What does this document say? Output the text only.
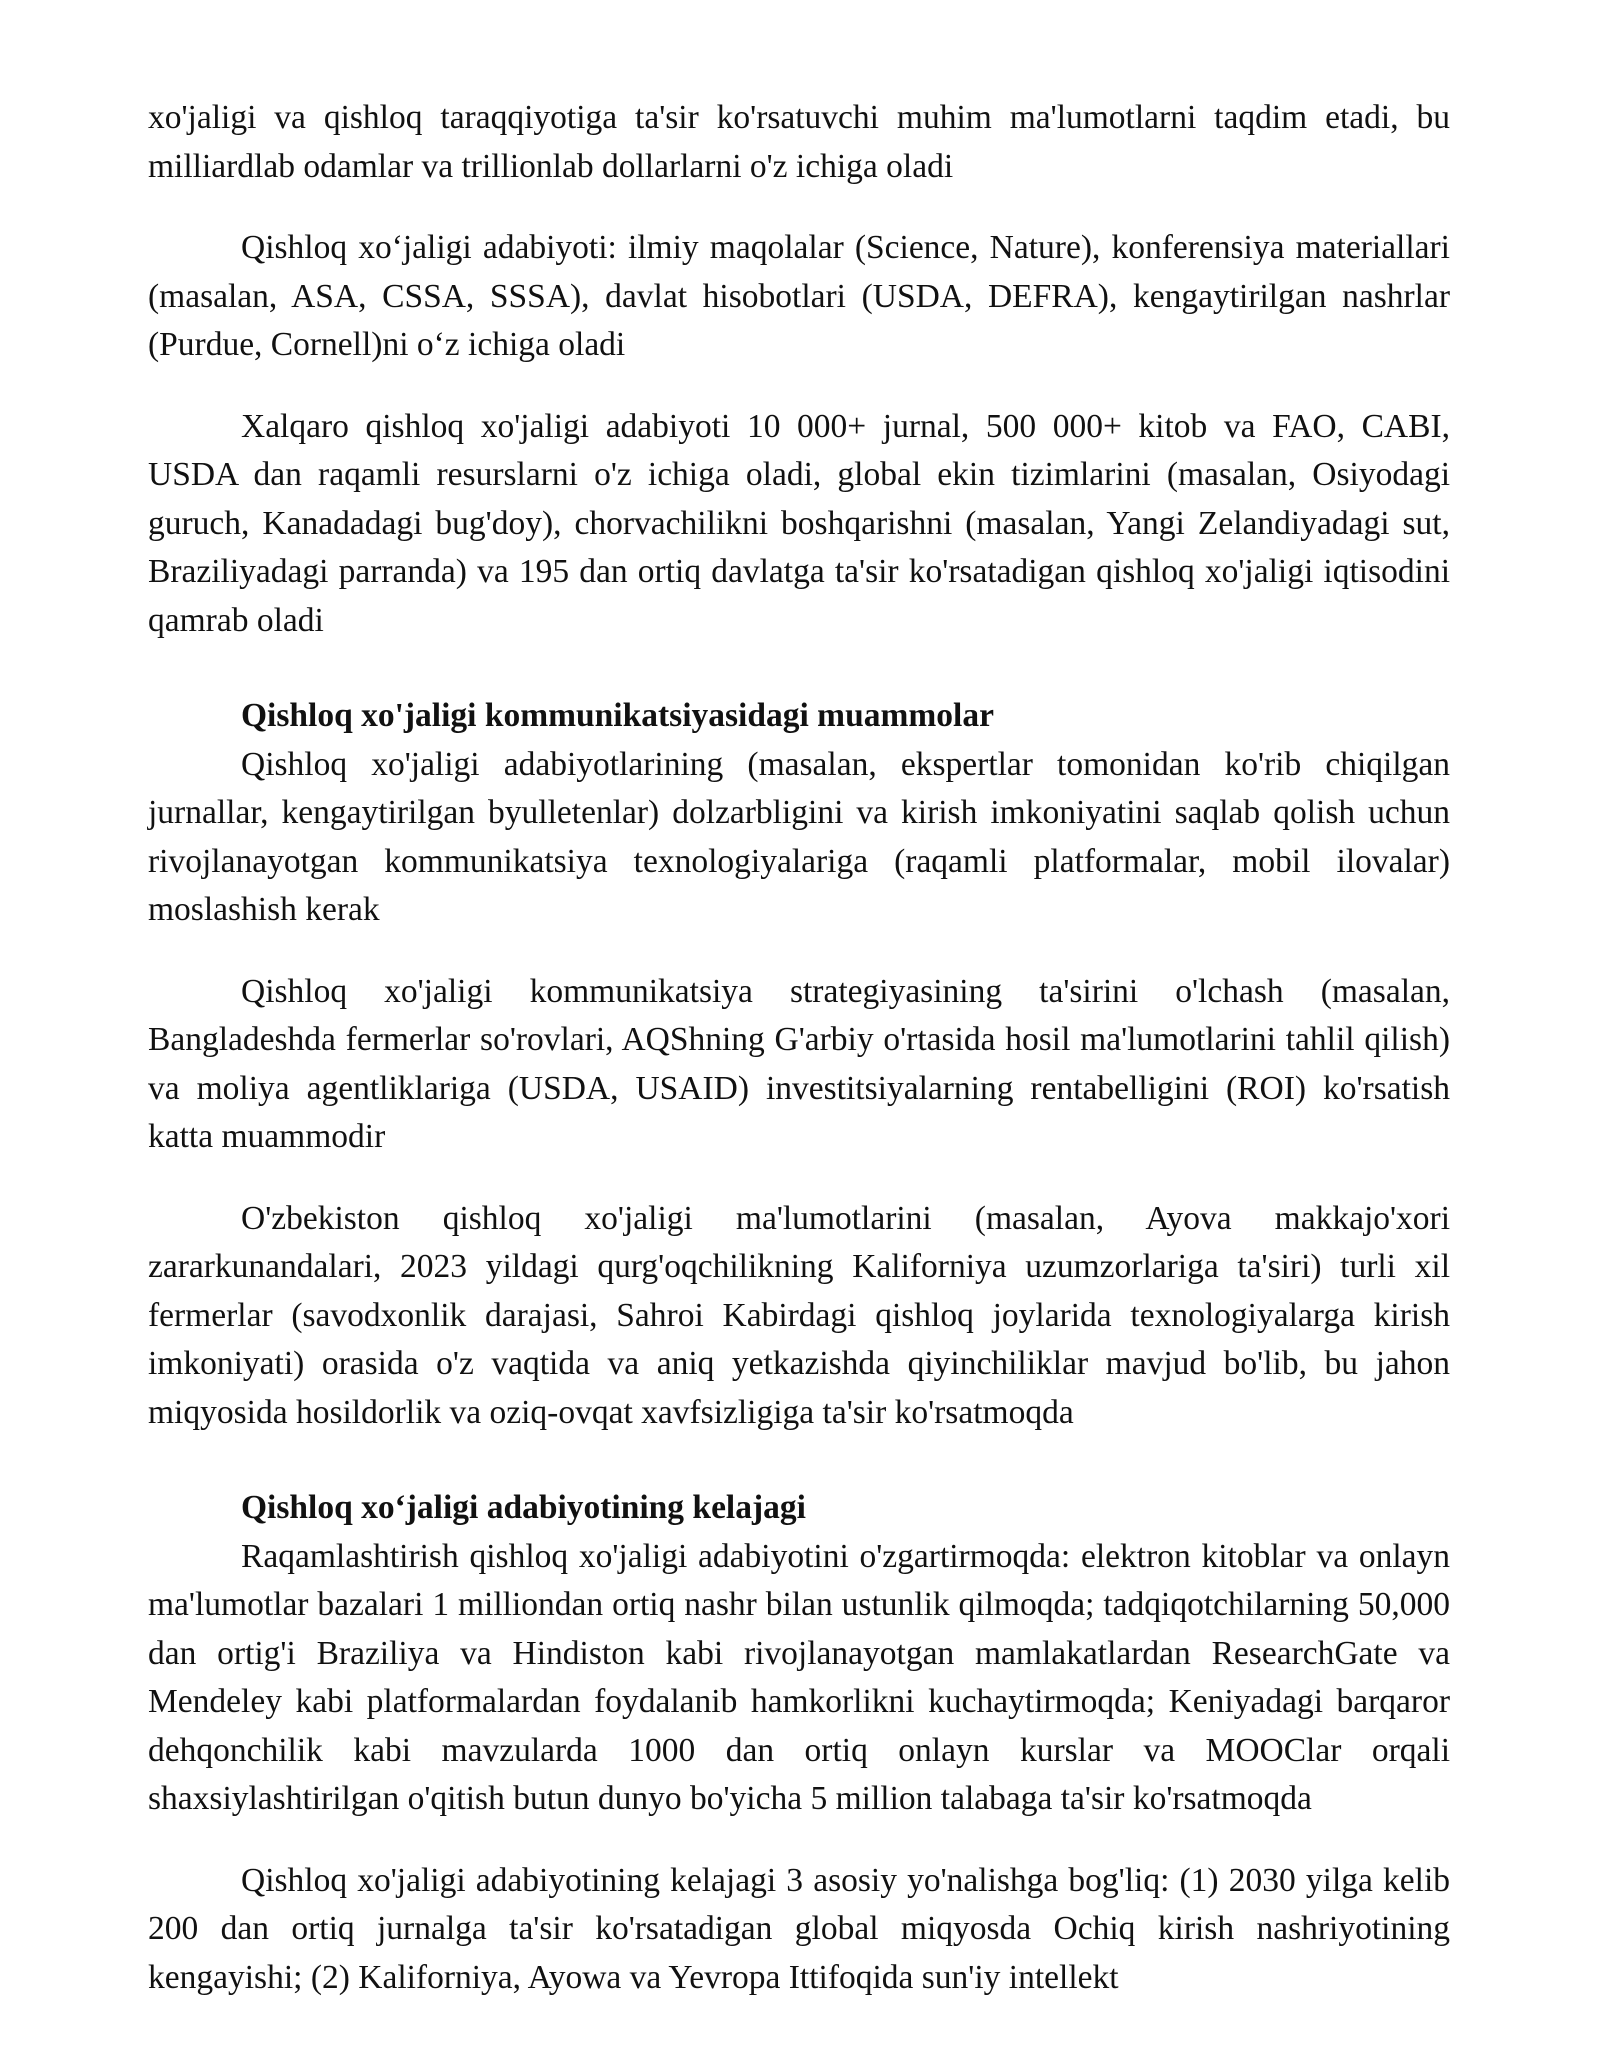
xo'jaligi va qishloq taraqqiyotiga ta'sir ko'rsatuvchi muhim ma'lumotlarni taqdim etadi, bu milliardlab odamlar va trillionlab dollarlarni o'z ichiga oladi

Qishloq xo‘jaligi adabiyoti: ilmiy maqolalar (Science, Nature), konferensiya materiallari (masalan, ASA, CSSA, SSSA), davlat hisobotlari (USDA, DEFRA), kengaytirilgan nashrlar (Purdue, Cornell)ni o‘z ichiga oladi

Xalqaro qishloq xo'jaligi adabiyoti 10 000+ jurnal, 500 000+ kitob va FAO, CABI, USDA dan raqamli resurslarni o'z ichiga oladi, global ekin tizimlarini (masalan, Osiyodagi guruch, Kanadadagi bug'doy), chorvachilikni boshqarishni (masalan, Yangi Zelandiyadagi sut, Braziliyadagi parranda) va 195 dan ortiq davlatga ta'sir ko'rsatadigan qishloq xo'jaligi iqtisodini qamrab oladi

Qishloq xo'jaligi kommunikatsiyasidagi muammolar

Qishloq xo'jaligi adabiyotlarining (masalan, ekspertlar tomonidan ko'rib chiqilgan jurnallar, kengaytirilgan byulletenlar) dolzarbligini va kirish imkoniyatini saqlab qolish uchun rivojlanayotgan kommunikatsiya texnologiyalariga (raqamli platformalar, mobil ilovalar) moslashish kerak

Qishloq xo'jaligi kommunikatsiya strategiyasining ta'sirini o'lchash (masalan, Bangladeshda fermerlar so'rovlari, AQShning G'arbiy o'rtasida hosil ma'lumotlarini tahlil qilish) va moliya agentliklariga (USDA, USAID) investitsiyalarning rentabelligini (ROI) ko'rsatish katta muammodir

O'zbekiston qishloq xo'jaligi ma'lumotlarini (masalan, Ayova makkajo'xori zararkunandalari, 2023 yildagi qurg'oqchilikning Kaliforniya uzumzorlariga ta'siri) turli xil fermerlar (savodxonlik darajasi, Sahroi Kabirdagi qishloq joylarida texnologiyalarga kirish imkoniyati) orasida o'z vaqtida va aniq yetkazishda qiyinchiliklar mavjud bo'lib, bu jahon miqyosida hosildorlik va oziq-ovqat xavfsizligiga ta'sir ko'rsatmoqda

Qishloq xo‘jaligi adabiyotining kelajagi

Raqamlashtirish qishloq xo'jaligi adabiyotini o'zgartirmoqda: elektron kitoblar va onlayn ma'lumotlar bazalari 1 milliondan ortiq nashr bilan ustunlik qilmoqda; tadqiqotchilarning 50,000 dan ortig'i Braziliya va Hindiston kabi rivojlanayotgan mamlakatlardan ResearchGate va Mendeley kabi platformalardan foydalanib hamkorlikni kuchaytirmoqda; Keniyadagi barqaror dehqonchilik kabi mavzularda 1000 dan ortiq onlayn kurslar va MOOClar orqali shaxsiylashtirilgan o'qitish butun dunyo bo'yicha 5 million talabaga ta'sir ko'rsatmoqda

Qishloq xo'jaligi adabiyotining kelajagi 3 asosiy yo'nalishga bog'liq: (1) 2030 yilga kelib 200 dan ortiq jurnalga ta'sir ko'rsatadigan global miqyosda Ochiq kirish nashriyotining kengayishi; (2) Kaliforniya, Ayowa va Yevropa Ittifoqida sun'iy intellekt
